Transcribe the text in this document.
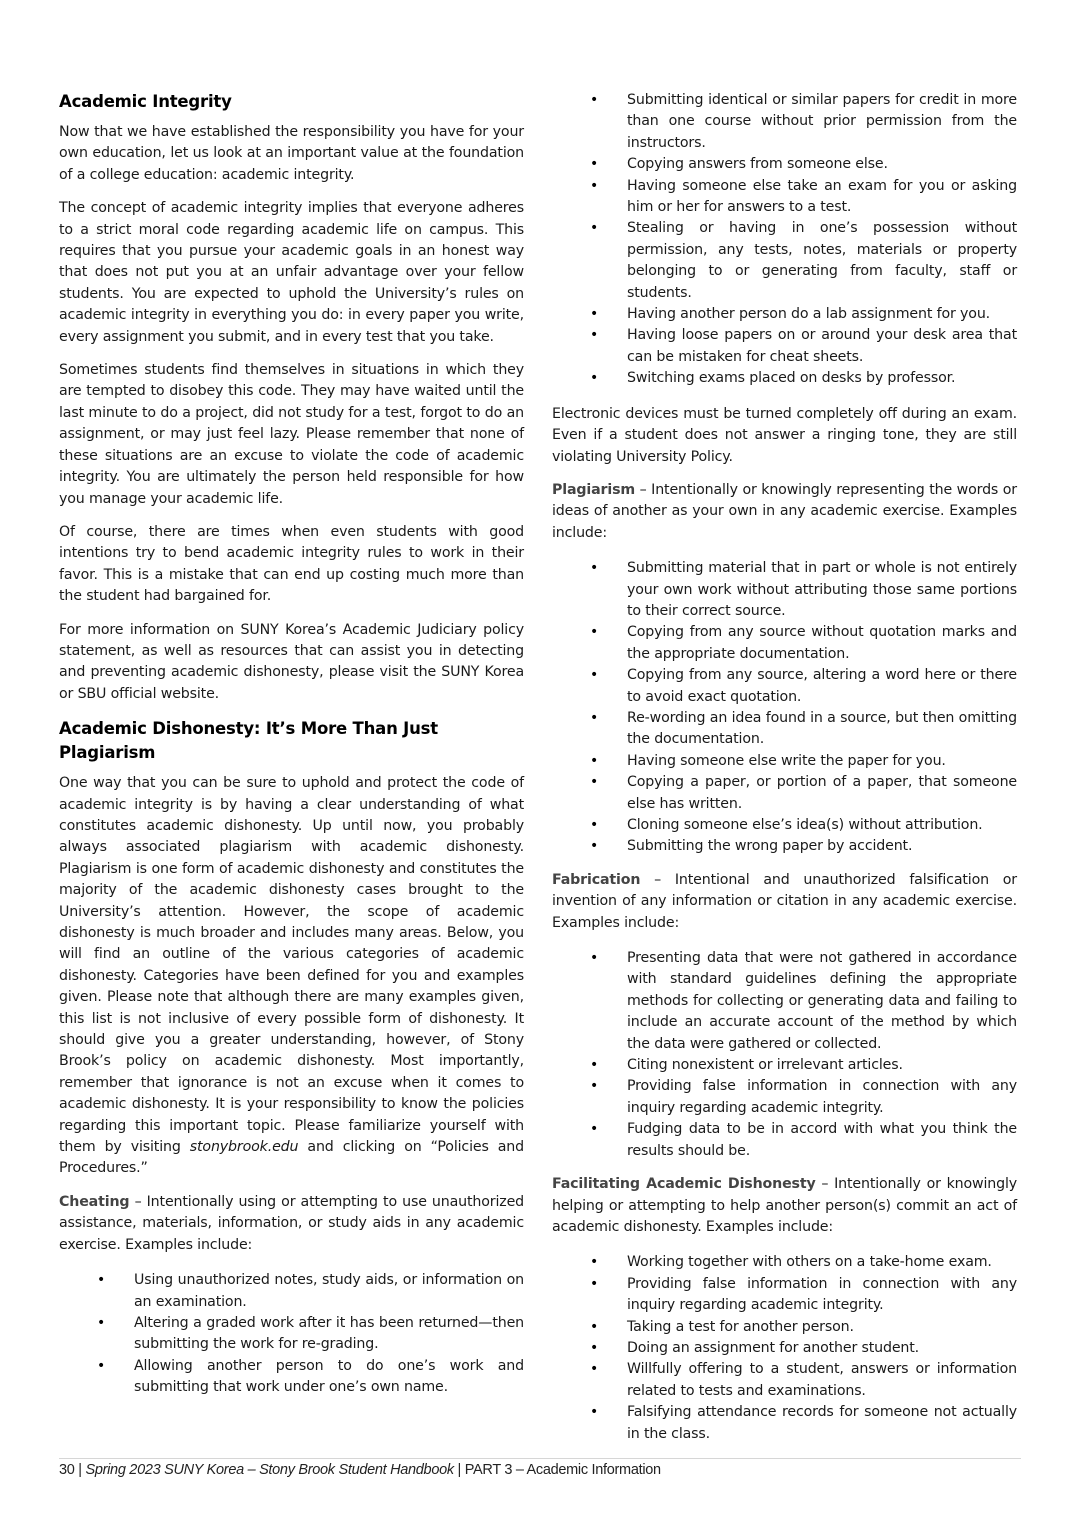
Academic Integrity

Now that we have established the responsibility you have for your own education, let us look at an important value at the foundation of a college education: academic integrity.

The concept of academic integrity implies that everyone adheres to a strict moral code regarding academic life on campus. This requires that you pursue your academic goals in an honest way that does not put you at an unfair advantage over your fellow students. You are expected to uphold the University’s rules on academic integrity in everything you do: in every paper you write, every assignment you submit, and in every test that you take.

Sometimes students find themselves in situations in which they are tempted to disobey this code. They may have waited until the last minute to do a project, did not study for a test, forgot to do an assignment, or may just feel lazy. Please remember that none of these situations are an excuse to violate the code of academic integrity. You are ultimately the person held responsible for how you manage your academic life.

Of course, there are times when even students with good intentions try to bend academic integrity rules to work in their favor. This is a mistake that can end up costing much more than the student had bargained for.

For more information on SUNY Korea’s Academic Judiciary policy statement, as well as resources that can assist you in detecting and preventing academic dishonesty, please visit the SUNY Korea or SBU official website.

Academic Dishonesty: It’s More Than Just Plagiarism

One way that you can be sure to uphold and protect the code of academic integrity is by having a clear understanding of what constitutes academic dishonesty. Up until now, you probably always associated plagiarism with academic dishonesty. Plagiarism is one form of academic dishonesty and constitutes the majority of the academic dishonesty cases brought to the University’s attention. However, the scope of academic dishonesty is much broader and includes many areas. Below, you will find an outline of the various categories of academic dishonesty. Categories have been defined for you and examples given. Please note that although there are many examples given, this list is not inclusive of every possible form of dishonesty. It should give you a greater understanding, however, of Stony Brook’s policy on academic dishonesty. Most importantly, remember that ignorance is not an excuse when it comes to academic dishonesty. It is your responsibility to know the policies regarding this important topic. Please familiarize yourself with them by visiting stonybrook.edu and clicking on “Policies and Procedures.”

Cheating – Intentionally using or attempting to use unauthorized assistance, materials, information, or study aids in any academic exercise. Examples include:

• Using unauthorized notes, study aids, or information on an examination.
• Altering a graded work after it has been returned—then submitting the work for re-grading.
• Allowing another person to do one’s work and submitting that work under one’s own name.
• Submitting identical or similar papers for credit in more than one course without prior permission from the instructors.
• Copying answers from someone else.
• Having someone else take an exam for you or asking him or her for answers to a test.
• Stealing or having in one’s possession without permission, any tests, notes, materials or property belonging to or generating from faculty, staff or students.
• Having another person do a lab assignment for you.
• Having loose papers on or around your desk area that can be mistaken for cheat sheets.
• Switching exams placed on desks by professor.

Electronic devices must be turned completely off during an exam. Even if a student does not answer a ringing tone, they are still violating University Policy.

Plagiarism – Intentionally or knowingly representing the words or ideas of another as your own in any academic exercise. Examples include:

• Submitting material that in part or whole is not entirely your own work without attributing those same portions to their correct source.
• Copying from any source without quotation marks and the appropriate documentation.
• Copying from any source, altering a word here or there to avoid exact quotation.
• Re-wording an idea found in a source, but then omitting the documentation.
• Having someone else write the paper for you.
• Copying a paper, or portion of a paper, that someone else has written.
• Cloning someone else’s idea(s) without attribution.
• Submitting the wrong paper by accident.

Fabrication – Intentional and unauthorized falsification or invention of any information or citation in any academic exercise. Examples include:

• Presenting data that were not gathered in accordance with standard guidelines defining the appropriate methods for collecting or generating data and failing to include an accurate account of the method by which the data were gathered or collected.
• Citing nonexistent or irrelevant articles.
• Providing false information in connection with any inquiry regarding academic integrity.
• Fudging data to be in accord with what you think the results should be.

Facilitating Academic Dishonesty – Intentionally or knowingly helping or attempting to help another person(s) commit an act of academic dishonesty. Examples include:

• Working together with others on a take-home exam.
• Providing false information in connection with any inquiry regarding academic integrity.
• Taking a test for another person.
• Doing an assignment for another student.
• Willfully offering to a student, answers or information related to tests and examinations.
• Falsifying attendance records for someone not actually in the class.
30 | Spring 2023 SUNY Korea – Stony Brook Student Handbook | PART 3 – Academic Information
